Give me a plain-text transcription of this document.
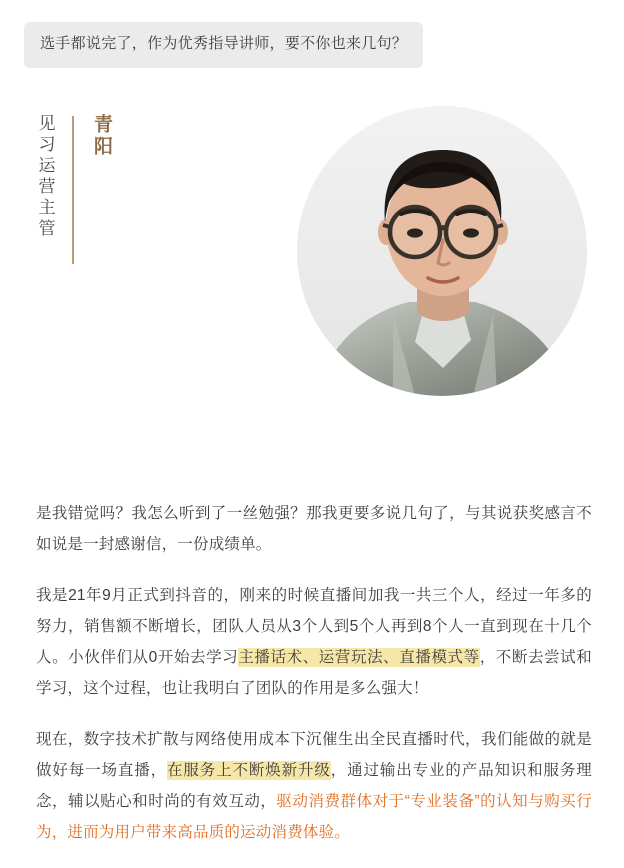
选手都说完了，作为优秀指导讲师，要不你也来几句？
青阳
见习运营主管

是我错觉吗？我怎么听到了一丝勉强？那我更要多说几句了，与其说获奖感言不如说是一封感谢信，一份成绩单。

我是21年9月正式到抖音的，刚来的时候直播间加我一共三个人，经过一年多的努力，销售额不断增长，团队人员从3个人到5个人再到8个人一直到现在十几个人。小伙伴们从0开始去学习主播话术、运营玩法、直播模式等，不断去尝试和学习，这个过程，也让我明白了团队的作用是多么强大！

现在，数字技术扩散与网络使用成本下沉催生出全民直播时代，我们能做的就是做好每一场直播，在服务上不断焕新升级，通过输出专业的产品知识和服务理念，辅以贴心和时尚的有效互动，驱动消费群体对于“专业装备”的认知与购买行为，进而为用户带来高品质的运动消费体验。
